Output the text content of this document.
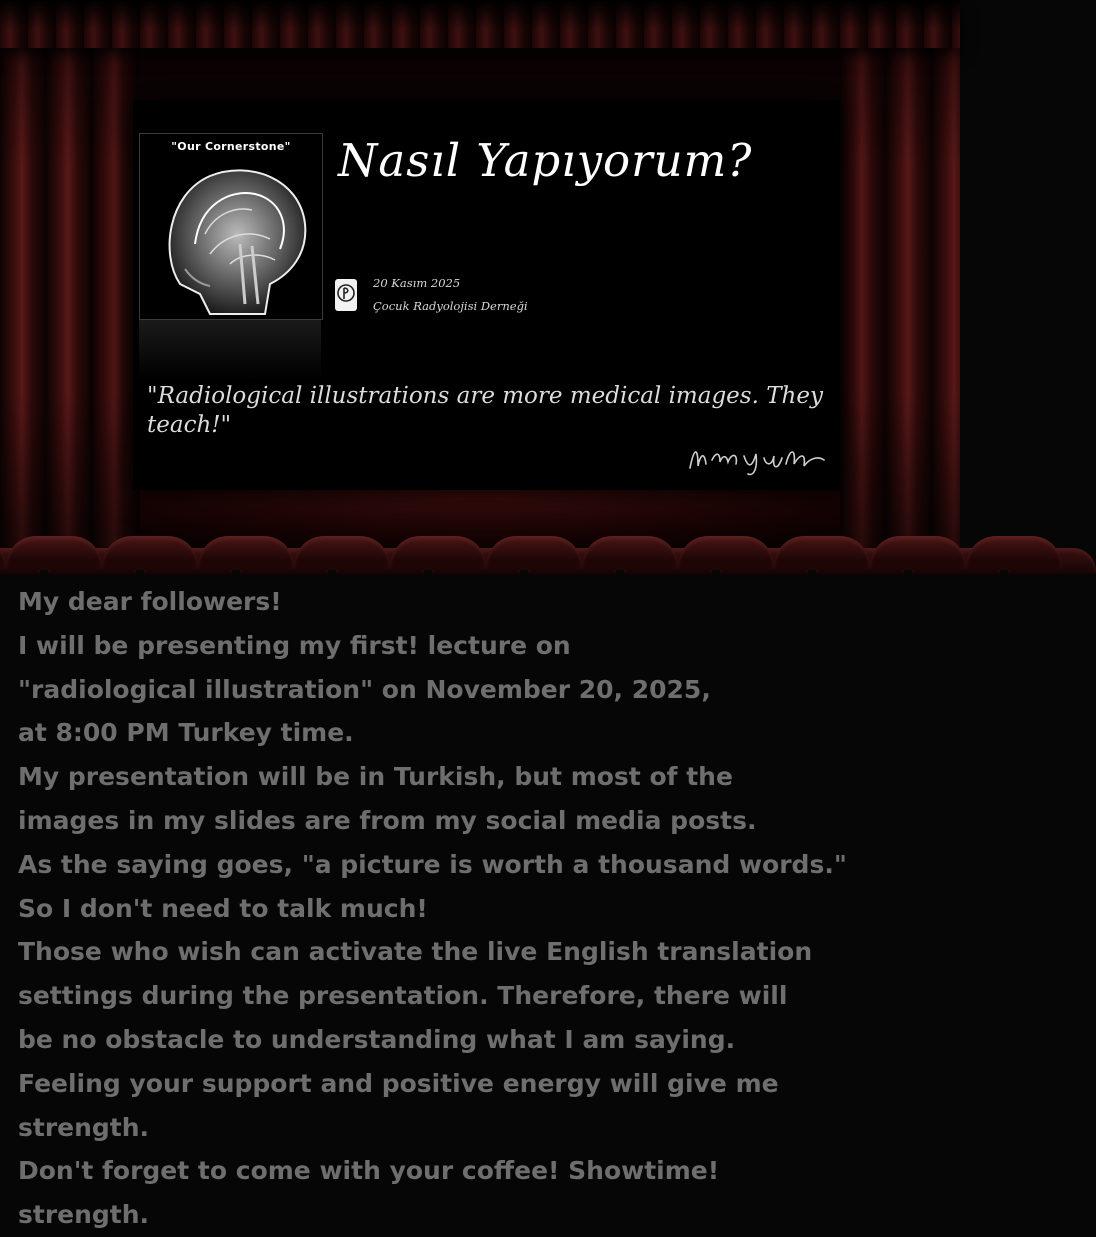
"Our Cornerstone"	Nasıl Yapıyorum?
20 Kasım 2025
Çocuk Radyolojisi Derneği
"Radiological illustrations are more medical images. They teach!"
My dear followers!
I will be presenting my first! lecture on
"radiological illustration" on November 20, 2025,
at 8:00 PM Turkey time.
My presentation will be in Turkish, but most of the
images in my slides are from my social media posts.
As the saying goes, "a picture is worth a thousand words."
So I don't need to talk much!
Those who wish can activate the live English translation
settings during the presentation. Therefore, there will
be no obstacle to understanding what I am saying.
Feeling your support and positive energy will give me
strength.
Don't forget to come with your coffee! Showtime!
strength.
